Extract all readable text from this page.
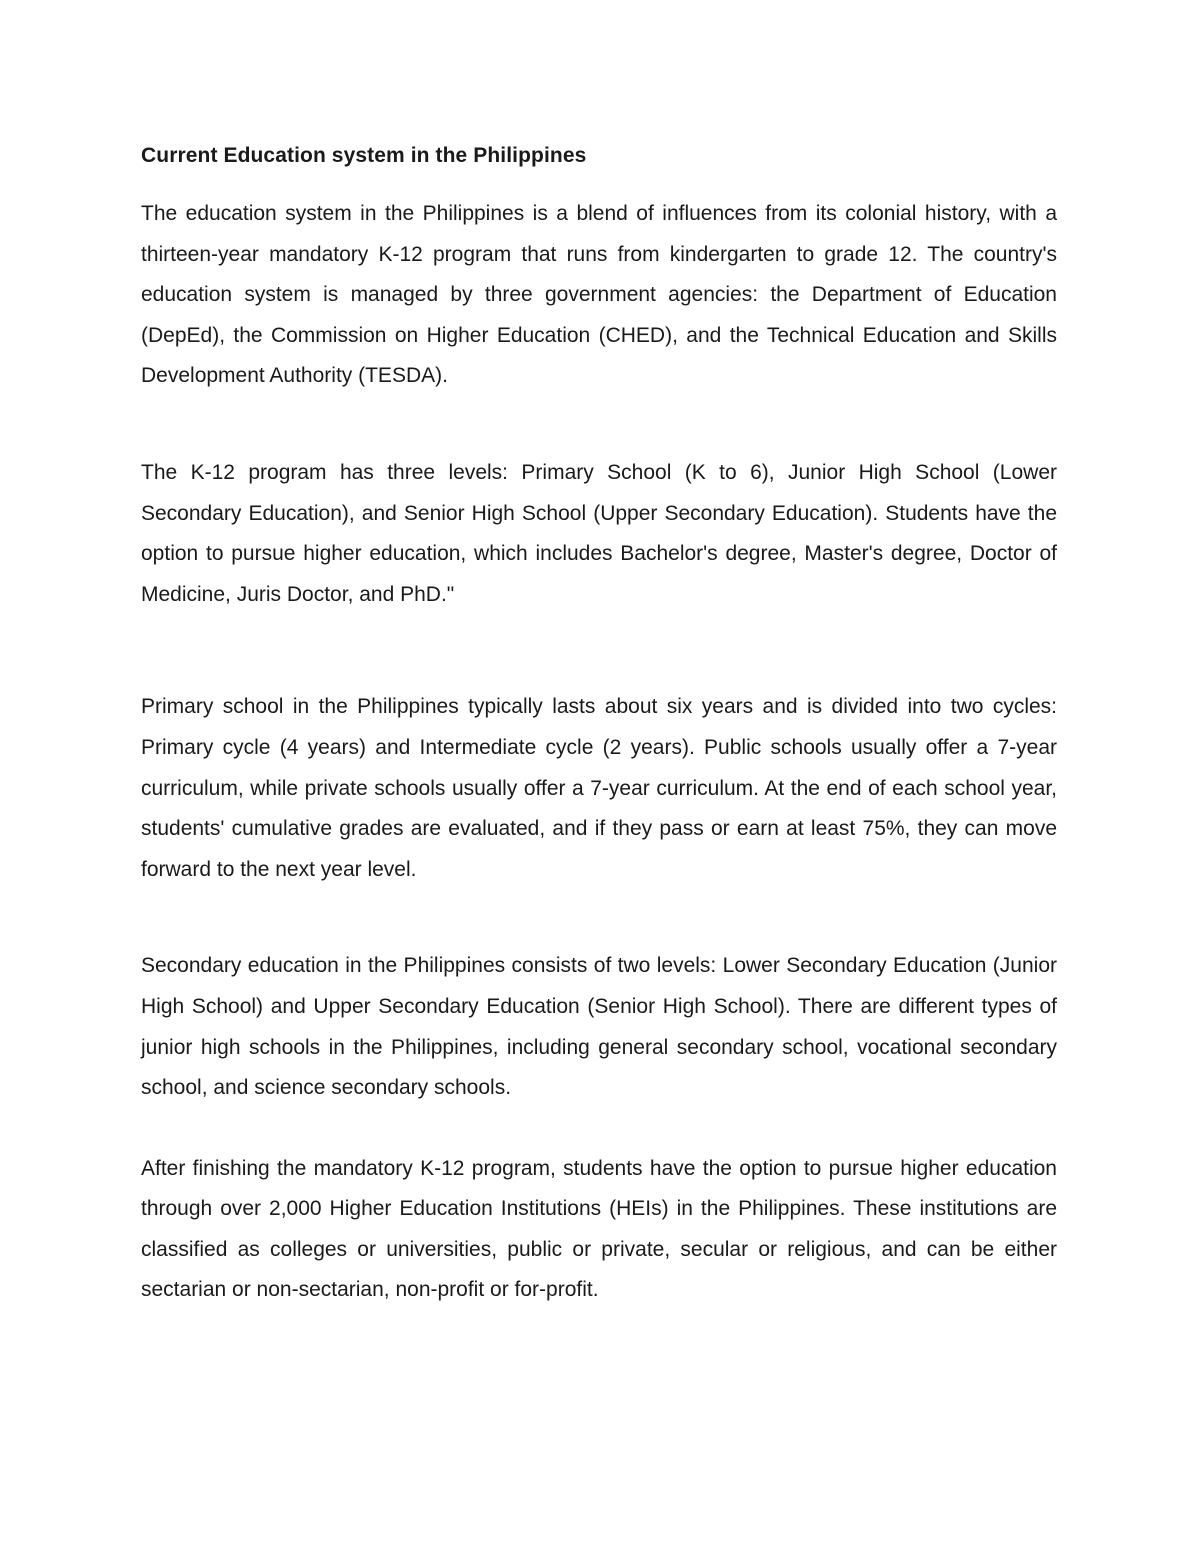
Current Education system in the Philippines

The education system in the Philippines is a blend of influences from its colonial history, with a thirteen-year mandatory K-12 program that runs from kindergarten to grade 12. The country's education system is managed by three government agencies: the Department of Education (DepEd), the Commission on Higher Education (CHED), and the Technical Education and Skills Development Authority (TESDA).

The K-12 program has three levels: Primary School (K to 6), Junior High School (Lower Secondary Education), and Senior High School (Upper Secondary Education). Students have the option to pursue higher education, which includes Bachelor's degree, Master's degree, Doctor of Medicine, Juris Doctor, and PhD."

Primary school in the Philippines typically lasts about six years and is divided into two cycles: Primary cycle (4 years) and Intermediate cycle (2 years). Public schools usually offer a 7-year curriculum, while private schools usually offer a 7-year curriculum. At the end of each school year, students' cumulative grades are evaluated, and if they pass or earn at least 75%, they can move forward to the next year level.

Secondary education in the Philippines consists of two levels: Lower Secondary Education (Junior High School) and Upper Secondary Education (Senior High School). There are different types of junior high schools in the Philippines, including general secondary school, vocational secondary school, and science secondary schools.

After finishing the mandatory K-12 program, students have the option to pursue higher education through over 2,000 Higher Education Institutions (HEIs) in the Philippines. These institutions are classified as colleges or universities, public or private, secular or religious, and can be either sectarian or non-sectarian, non-profit or for-profit.
